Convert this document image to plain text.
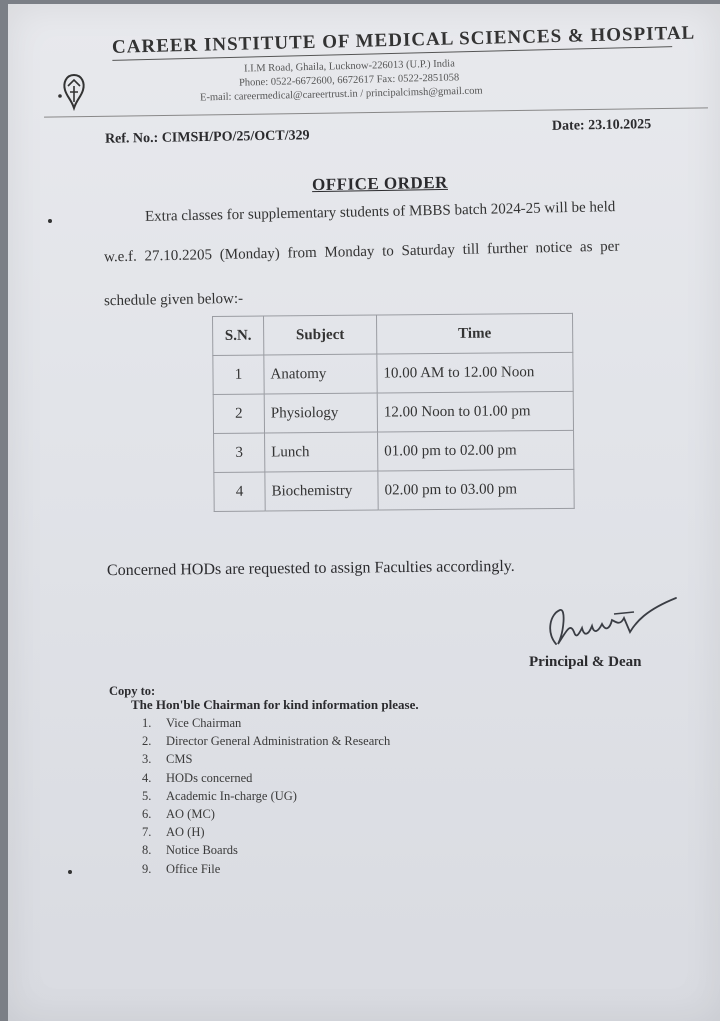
CAREER INSTITUTE OF MEDICAL SCIENCES & HOSPITAL
I.I.M Road, Ghaila, Lucknow-226013 (U.P.) India
Phone: 0522-6672600, 6672617 Fax: 0522-2851058
E-mail: careermedical@careertrust.in / principalcimsh@gmail.com
Ref. No.: CIMSH/PO/25/OCT/329
Date: 23.10.2025
OFFICE ORDER
Extra classes for supplementary students of MBBS batch 2024-25 will be held
w.e.f. 27.10.2205 (Monday) from Monday to Saturday till further notice as per
schedule given below:-
S.N.	Subject	Time
1	Anatomy	10.00 AM to 12.00 Noon
2	Physiology	12.00 Noon to 01.00 pm
3	Lunch	01.00 pm to 02.00 pm
4	Biochemistry	02.00 pm to 03.00 pm
Concerned HODs are requested to assign Faculties accordingly.
Principal & Dean
Copy to:
The Hon'ble Chairman for kind information please.
1. Vice Chairman
2. Director General Administration & Research
3. CMS
4. HODs concerned
5. Academic In-charge (UG)
6. AO (MC)
7. AO (H)
8. Notice Boards
9. Office File
